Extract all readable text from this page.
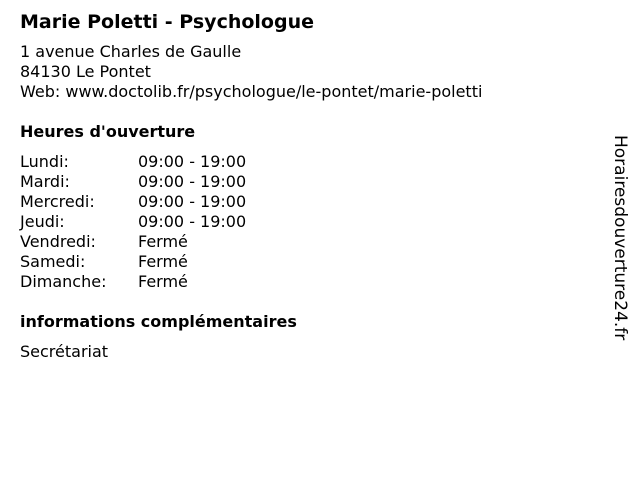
Marie Poletti - Psychologue
1 avenue Charles de Gaulle
84130 Le Pontet
Web: www.doctolib.fr/psychologue/le-pontet/marie-poletti
Heures d'ouverture
Lundi:	09:00 - 19:00
Mardi:	09:00 - 19:00
Mercredi:	09:00 - 19:00
Jeudi:	09:00 - 19:00
Vendredi:	Fermé
Samedi:	Fermé
Dimanche:	Fermé
informations complémentaires
Secrétariat
Horairesdouverture24.fr
